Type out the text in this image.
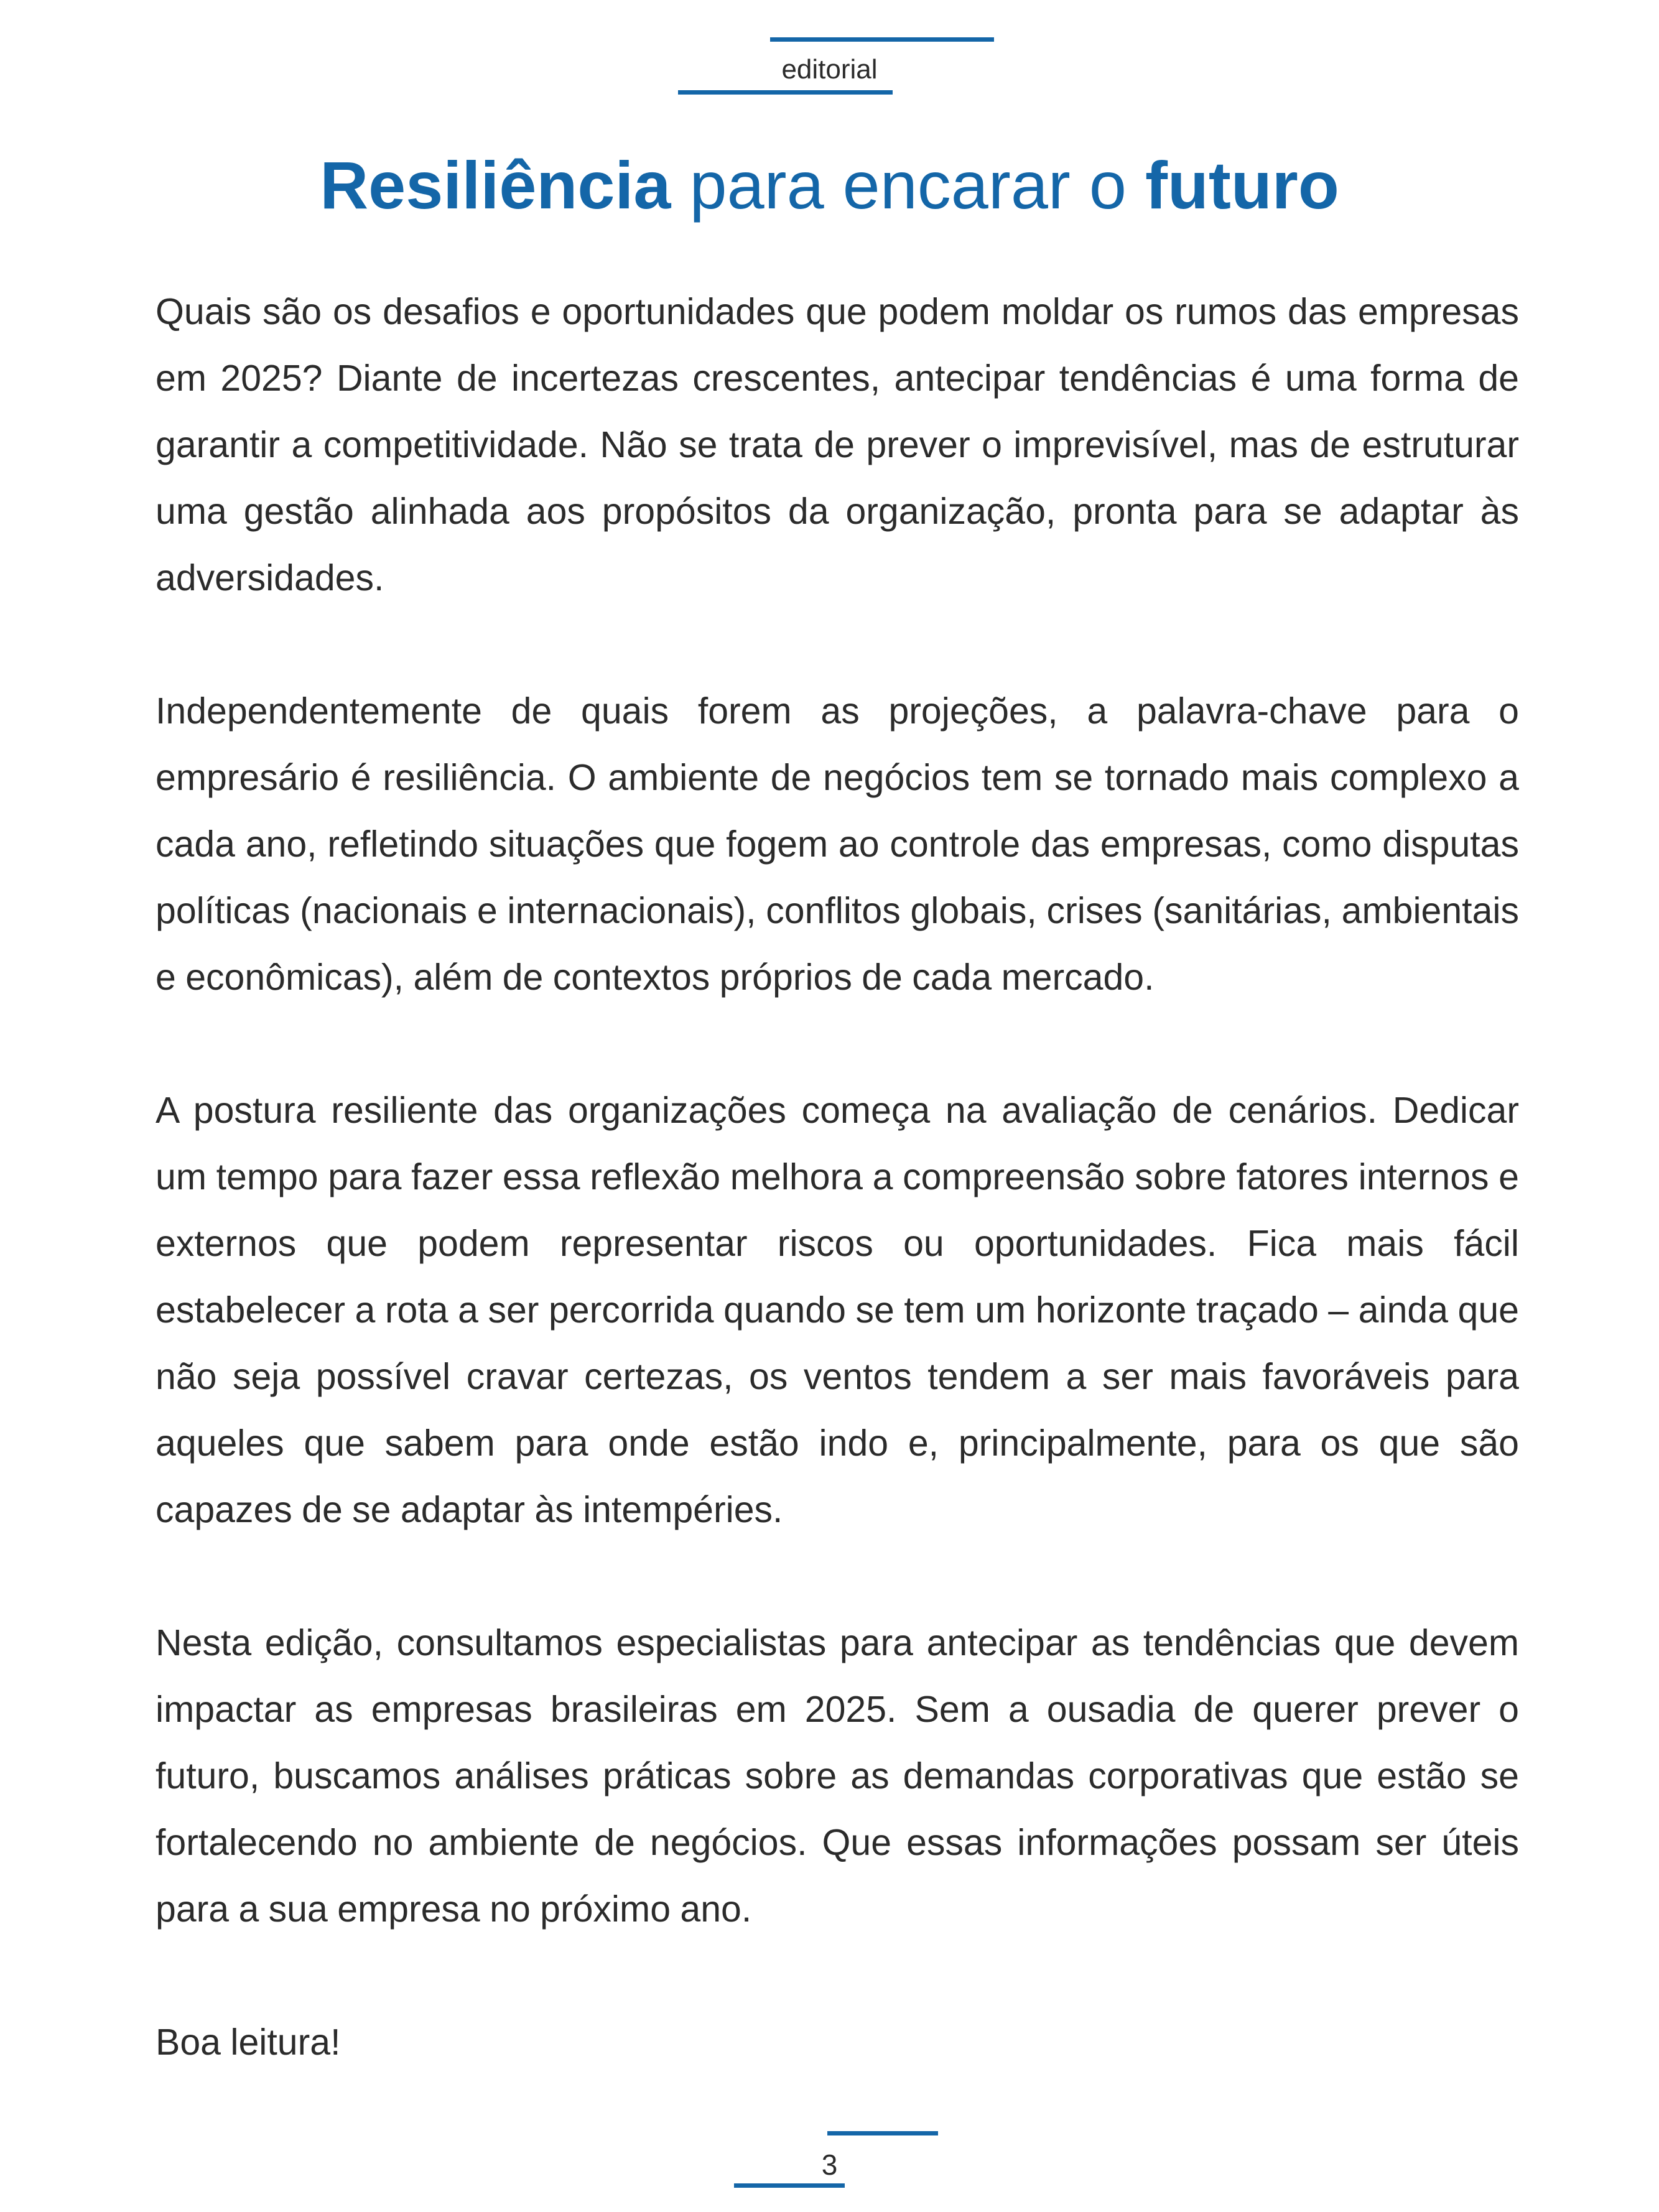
editorial
Resiliência para encarar o futuro

Quais são os desafios e oportunidades que podem moldar os rumos das empresas em 2025? Diante de incertezas crescentes, antecipar tendências é uma forma de garantir a competitividade. Não se trata de prever o imprevisível, mas de estruturar uma gestão alinhada aos propósitos da organização, pronta para se adaptar às adversidades.

Independentemente de quais forem as projeções, a palavra-chave para o empresário é resiliência. O ambiente de negócios tem se tornado mais complexo a cada ano, refletindo situações que fogem ao controle das empresas, como disputas políticas (nacionais e internacionais), conflitos globais, crises (sanitárias, ambientais e econômicas), além de contextos próprios de cada mercado.

A postura resiliente das organizações começa na avaliação de cenários. Dedicar um tempo para fazer essa reflexão melhora a compreensão sobre fatores internos e externos que podem representar riscos ou oportunidades. Fica mais fácil estabelecer a rota a ser percorrida quando se tem um horizonte traçado – ainda que não seja possível cravar certezas, os ventos tendem a ser mais favoráveis para aqueles que sabem para onde estão indo e, principalmente, para os que são capazes de se adaptar às intempéries.

Nesta edição, consultamos especialistas para antecipar as tendências que devem impactar as empresas brasileiras em 2025. Sem a ousadia de querer prever o futuro, buscamos análises práticas sobre as demandas corporativas que estão se fortalecendo no ambiente de negócios. Que essas informações possam ser úteis para a sua empresa no próximo ano.

Boa leitura!

3
